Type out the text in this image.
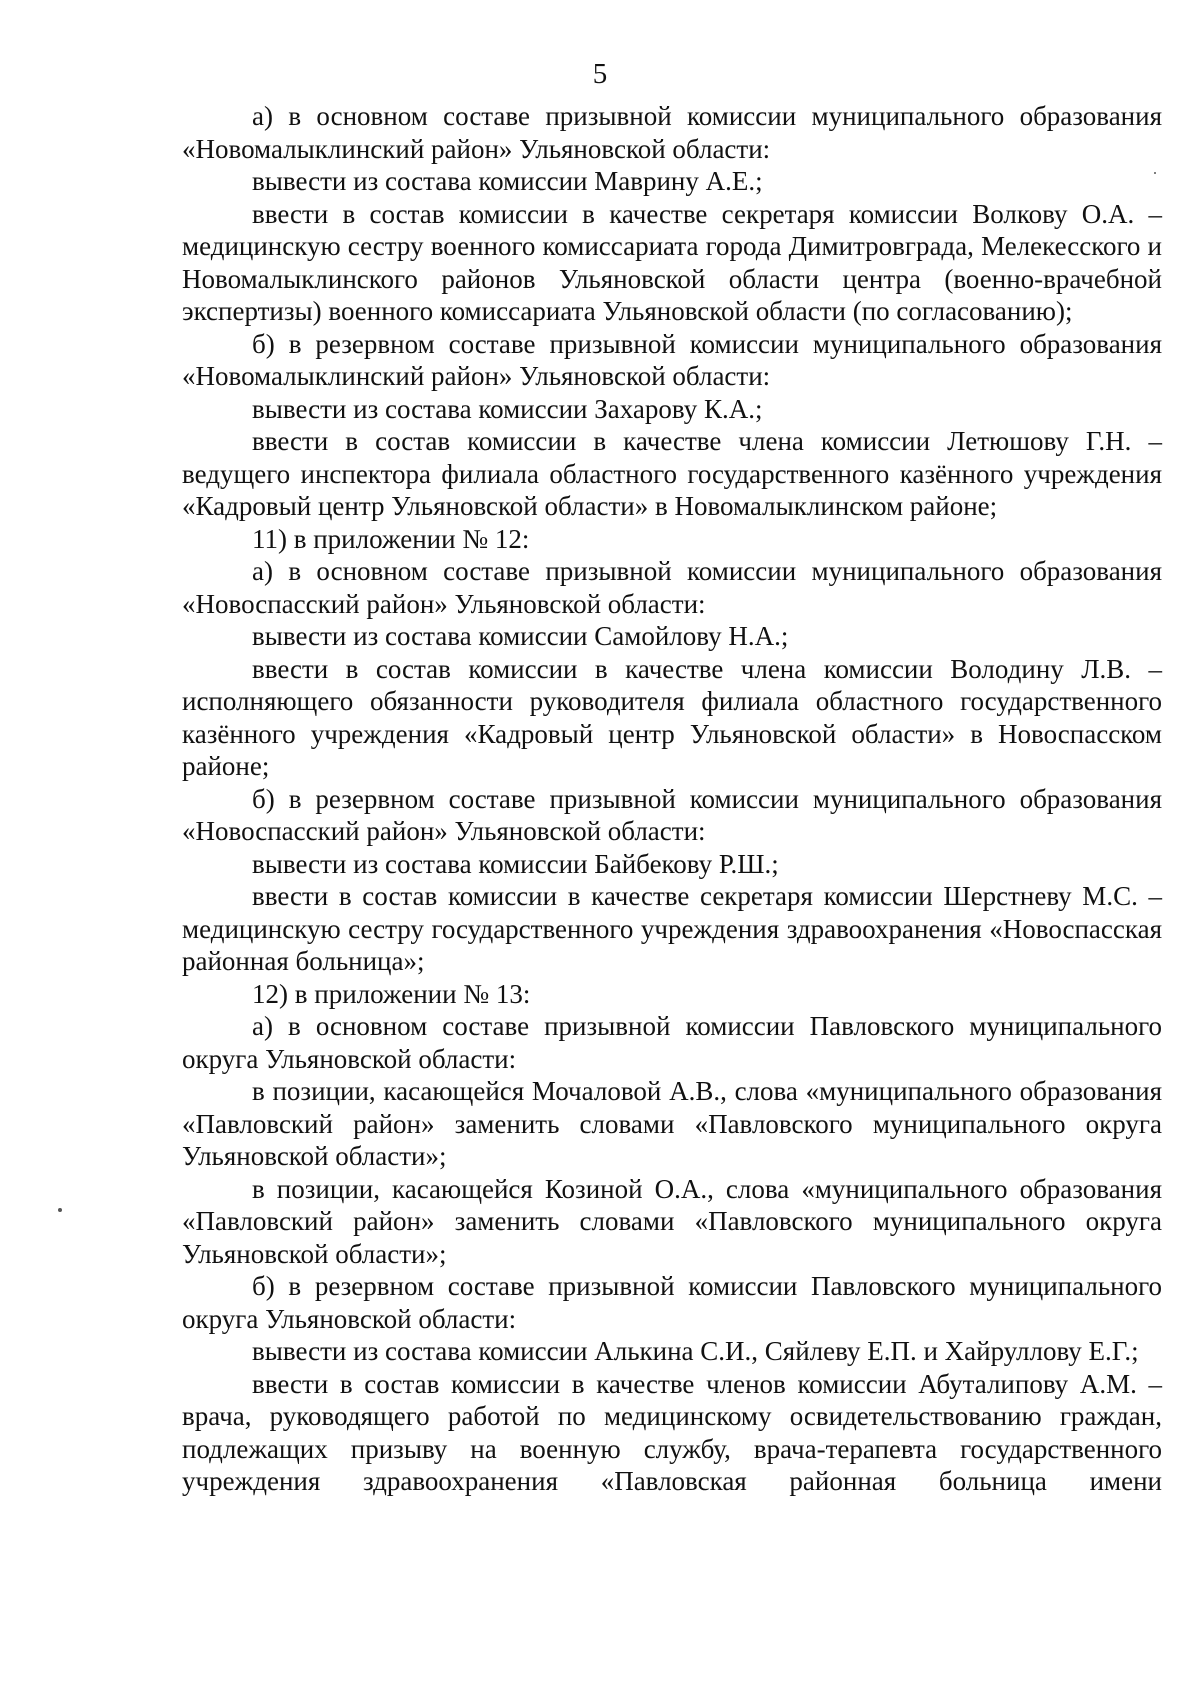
5

а) в основном составе призывной комиссии муниципального образования «Новомалыклинский район» Ульяновской области:

вывести из состава комиссии Маврину А.Е.;

ввести в состав комиссии в качестве секретаря комиссии Волкову О.А. – медицинскую сестру военного комиссариата города Димитровграда, Мелекесского и Новомалыклинского районов Ульяновской области центра (военно-врачебной экспертизы) военного комиссариата Ульяновской области (по согласованию);

б) в резервном составе призывной комиссии муниципального образования «Новомалыклинский район» Ульяновской области:

вывести из состава комиссии Захарову К.А.;

ввести в состав комиссии в качестве члена комиссии Летюшову Г.Н. – ведущего инспектора филиала областного государственного казённого учреждения «Кадровый центр Ульяновской области» в Новомалыклинском районе;

11) в приложении № 12:

а) в основном составе призывной комиссии муниципального образования «Новоспасский район» Ульяновской области:

вывести из состава комиссии Самойлову Н.А.;

ввести в состав комиссии в качестве члена комиссии Володину Л.В. – исполняющего обязанности руководителя филиала областного государственного казённого учреждения «Кадровый центр Ульяновской области» в Новоспасском районе;

б) в резервном составе призывной комиссии муниципального образования «Новоспасский район» Ульяновской области:

вывести из состава комиссии Байбекову Р.Ш.;

ввести в состав комиссии в качестве секретаря комиссии Шерстневу М.С. – медицинскую сестру государственного учреждения здравоохранения «Новоспасская районная больница»;

12) в приложении № 13:

а) в основном составе призывной комиссии Павловского муниципального округа Ульяновской области:

в позиции, касающейся Мочаловой А.В., слова «муниципального образования «Павловский район» заменить словами «Павловского муниципального округа Ульяновской области»;

в позиции, касающейся Козиной О.А., слова «муниципального образования «Павловский район» заменить словами «Павловского муниципального округа Ульяновской области»;

б) в резервном составе призывной комиссии Павловского муниципального округа Ульяновской области:

вывести из состава комиссии Алькина С.И., Сяйлеву Е.П. и Хайруллову Е.Г.;

ввести в состав комиссии в качестве членов комиссии Абуталипову А.М. – врача, руководящего работой по медицинскому освидетельствованию граждан, подлежащих призыву на военную службу, врача-терапевта государственного учреждения здравоохранения «Павловская районная больница имени
